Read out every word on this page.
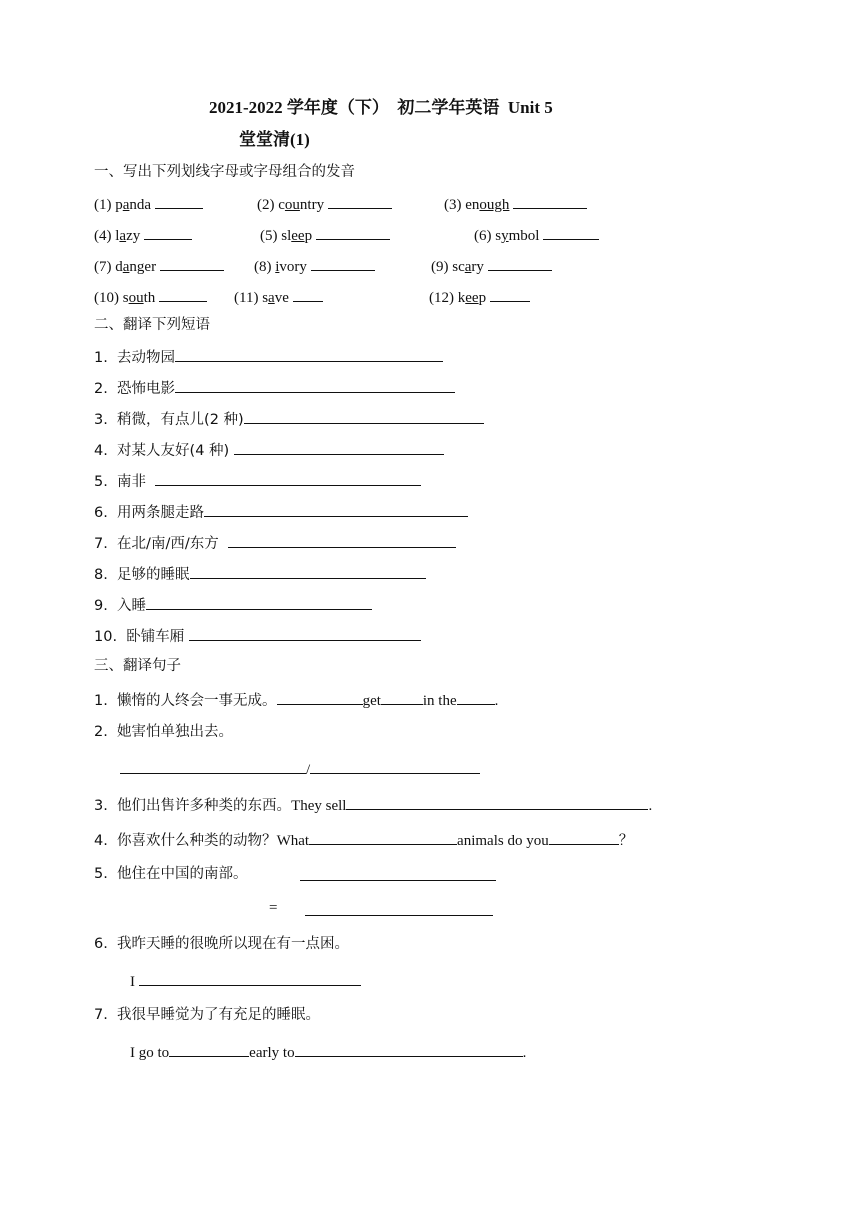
2021-2022 学年度（下）  初二学年英语  Unit 5
堂堂清(1)
一、写出下列划线字母或字母组合的发音
(1) panda	(2) country	(3) enough
(4) lazy	(5) sleep	(6) symbol
(7) danger	(8) ivory	(9) scary
(10) south	(11) save	(12) keep
二、翻译下列短语
1.  去动物园
2.  恐怖电影
3.  稍微，有点儿(2 种)
4.  对某人友好(4 种)
5.  南非
6.  用两条腿走路
7.  在北/南/西/东方
8.  足够的睡眠
9.  入睡
10.  卧铺车厢
三、翻译句子
1.  懒惰的人终会一事无成。	get	in the	.
2.  她害怕单独出去。
/
3.  他们出售许多种类的东西。They sell	.
4.  你喜欢什么种类的动物？What	animals do you	？
5.  他住在中国的南部。
=
6.  我昨天睡的很晚所以现在有一点困。
I
7.  我很早睡觉为了有充足的睡眠。
I go to	early to	.
